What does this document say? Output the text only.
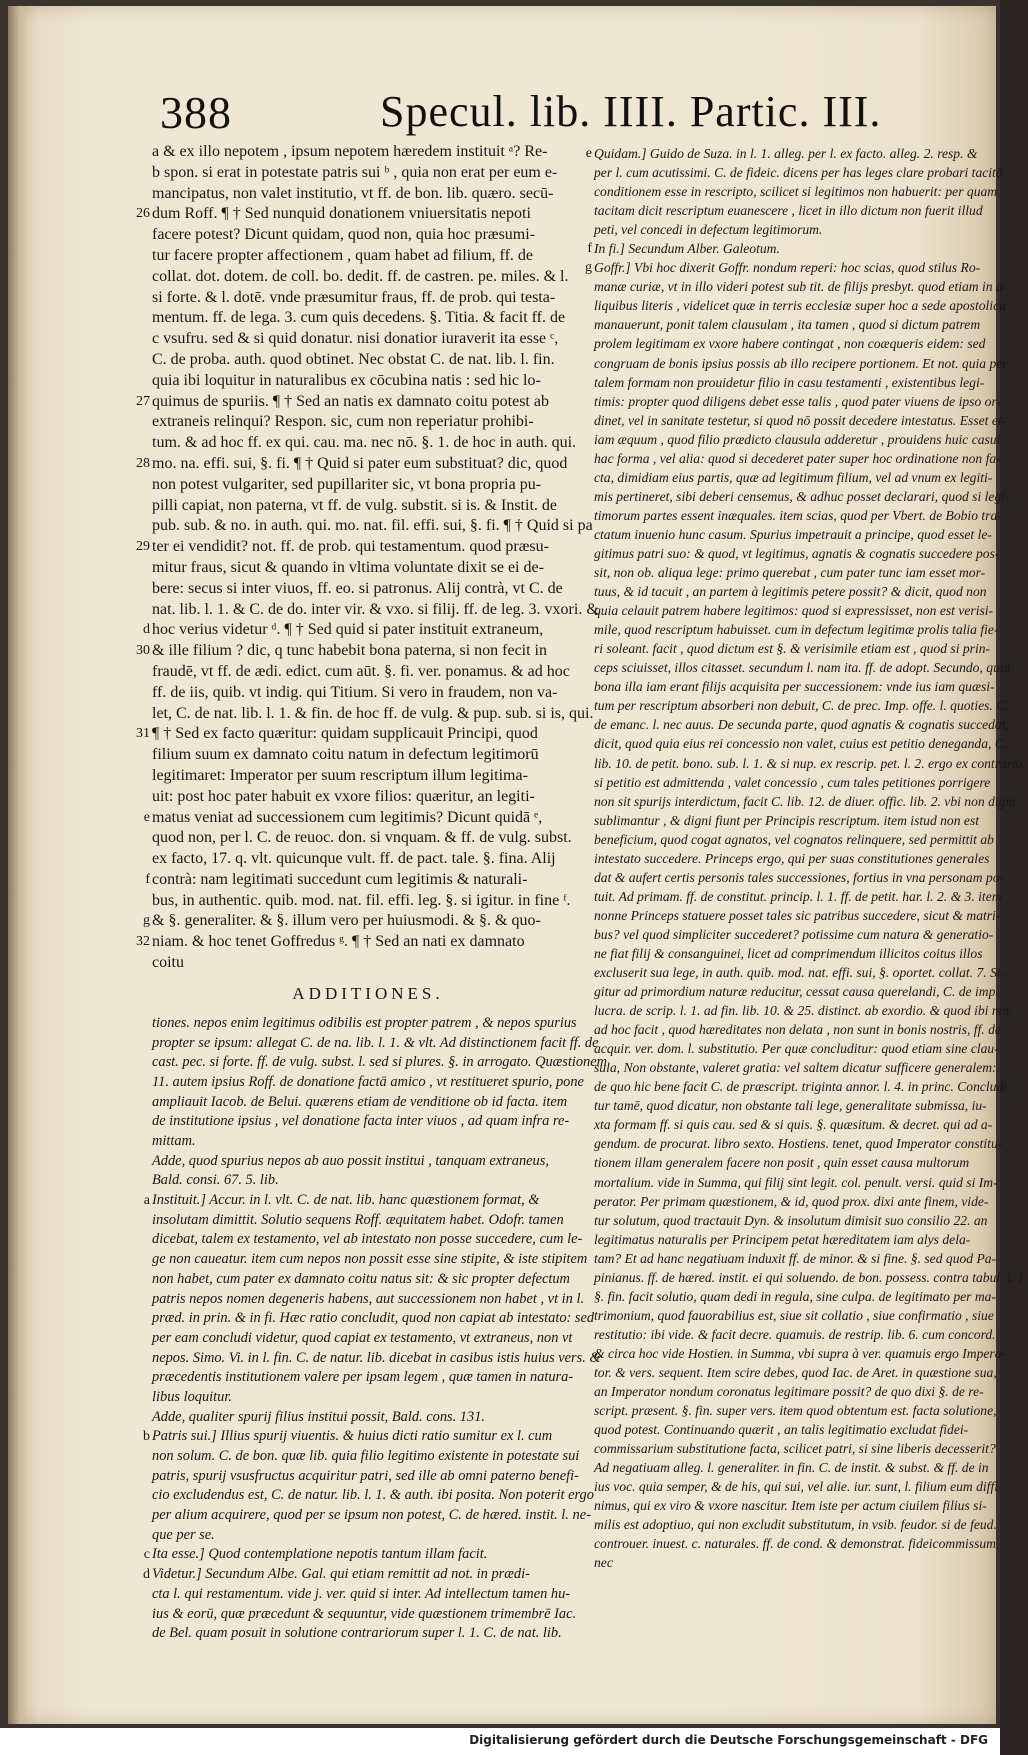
388	Specul. lib. IIII. Partic. III.
a & ex illo nepotem , ipsum nepotem hæredem instituit ᵃ? Re-
b spon. si erat in potestate patris sui ᵇ , quia non erat per eum e-
mancipatus, non valet institutio, vt ff. de bon. lib. quæro. secū-
26 dum Roff. ¶ † Sed nunquid donationem vniuersitatis nepoti
facere potest? Dicunt quidam, quod non, quia hoc præsumi-
tur facere propter affectionem , quam habet ad filium, ff. de
collat. dot. dotem. de coll. bo. dedit. ff. de castren. pe. miles. & l.
si forte. & l. dotē. vnde præsumitur fraus, ff. de prob. qui testa-
mentum. ff. de lega. 3. cum quis decedens. §. Titia. & facit ff. de
c vsufru. sed & si quid donatur. nisi donatior iuraverit ita esse ᶜ,
C. de proba. auth. quod obtinet. Nec obstat C. de nat. lib. l. fin.
quia ibi loquitur in naturalibus ex cōcubina natis : sed hic lo-
27 quimus de spuriis. ¶ † Sed an natis ex damnato coitu potest ab
extraneis relinqui? Respon. sic, cum non reperiatur prohibi-
tum. & ad hoc ff. ex qui. cau. ma. nec nō. §. 1. de hoc in auth. qui.
28 mo. na. effi. sui, §. fi. ¶ † Quid si pater eum substituat? dic, quod
non potest vulgariter, sed pupillariter sic, vt bona propria pu-
pilli capiat, non paterna, vt ff. de vulg. substit. si is. & Instit. de
pub. sub. & no. in auth. qui. mo. nat. fil. effi. sui, §. fi. ¶ † Quid si pa
29 ter ei vendidit? not. ff. de prob. qui testamentum. quod præsu-
mitur fraus, sicut & quando in vltima voluntate dixit se ei de-
bere: secus si inter viuos, ff. eo. si patronus. Alij contrà, vt C. de
nat. lib. l. 1. & C. de do. inter vir. & vxo. si filij. ff. de leg. 3. vxori. &
d hoc verius videtur ᵈ. ¶ † Sed quid si pater instituit extraneum,
30 & ille filium ? dic, q tunc habebit bona paterna, si non fecit in
fraudē, vt ff. de ædi. edict. cum aūt. §. fi. ver. ponamus. & ad hoc
ff. de iis, quib. vt indig. qui Titium. Si vero in fraudem, non va-
let, C. de nat. lib. l. 1. & fin. de hoc ff. de vulg. & pup. sub. si is, qui.
31 ¶ † Sed ex facto quæritur: quidam supplicauit Principi, quod
filium suum ex damnato coitu natum in defectum legitimorū
legitimaret: Imperator per suum rescriptum illum legitima-
uit: post hoc pater habuit ex vxore filios: quæritur, an legiti-
e matus veniat ad successionem cum legitimis? Dicunt quidā ᵉ,
quod non, per l. C. de reuoc. don. si vnquam. & ff. de vulg. subst.
ex facto, 17. q. vlt. quicunque vult. ff. de pact. tale. §. fina. Alij
f contrà: nam legitimati succedunt cum legitimis & naturali-
bus, in authentic. quib. mod. nat. fil. effi. leg. §. si igitur. in fine ᶠ.
g & §. generaliter. & §. illum vero per huiusmodi. & §. & quo-
32 niam. & hoc tenet Goffredus ᵍ. ¶ † Sed an nati ex damnato
coitu
ADDITIONES.
tiones. nepos enim legitimus odibilis est propter patrem , & nepos spurius
propter se ipsum: allegat C. de na. lib. l. 1. & vlt. Ad distinctionem facit ff. de
cast. pec. si forte. ff. de vulg. subst. l. sed si plures. §. in arrogato. Quæstionem
11. autem ipsius Roff. de donatione factā amico , vt restitueret spurio, pone
ampliauit Iacob. de Belui. quærens etiam de venditione ob id facta. item
de institutione ipsius , vel donatione facta inter viuos , ad quam infra re-
mittam.
Adde, quod spurius nepos ab auo possit institui , tanquam extraneus,
Bald. consi. 67. 5. lib.
a Instituit.] Accur. in l. vlt. C. de nat. lib. hanc quæstionem format, &
insolutam dimittit. Solutio sequens Roff. æquitatem habet. Odofr. tamen
dicebat, talem ex testamento, vel ab intestato non posse succedere, cum le-
ge non caueatur. item cum nepos non possit esse sine stipite, & iste stipitem
non habet, cum pater ex damnato coitu natus sit: & sic propter defectum
patris nepos nomen degeneris habens, aut successionem non habet , vt in l.
præd. in prin. & in fi. Hæc ratio concludit, quod non capiat ab intestato: sed
per eam concludi videtur, quod capiat ex testamento, vt extraneus, non vt
nepos. Simo. Vi. in l. fin. C. de natur. lib. dicebat in casibus istis huius vers. &
præcedentis institutionem valere per ipsam legem , quæ tamen in natura-
libus loquitur.
Adde, qualiter spurij filius institui possit, Bald. cons. 131.
b Patris sui.] Illius spurij viuentis. & huius dicti ratio sumitur ex l. cum
non solum. C. de bon. quæ lib. quia filio legitimo existente in potestate sui
patris, spurij vsusfructus acquiritur patri, sed ille ab omni paterno benefi-
cio excludendus est, C. de natur. lib. l. 1. & auth. ibi posita. Non poterit ergo
per alium acquirere, quod per se ipsum non potest, C. de hæred. instit. l. ne-
que per se.
c Ita esse.] Quod contemplatione nepotis tantum illam facit.
d Videtur.] Secundum Albe. Gal. qui etiam remittit ad not. in prædi-
cta l. qui restamentum. vide j. ver. quid si inter. Ad intellectum tamen hu-
ius & eorū, quæ præcedunt & sequuntur, vide quæstionem trimembrē Iac.
de Bel. quam posuit in solutione contrariorum super l. 1. C. de nat. lib.
e Quidam.] Guido de Suza. in l. 1. alleg. per l. ex facto. alleg. 2. resp. &
per l. cum acutissimi. C. de fideic. dicens per has leges clare probari tacitā
conditionem esse in rescripto, scilicet si legitimos non habuerit: per quam
tacitam dicit rescriptum euanescere , licet in illo dictum non fuerit illud
peti, vel concedi in defectum legitimorum.
f In fi.] Secundum Alber. Galeotum.
g Goffr.] Vbi hoc dixerit Goffr. nondum reperi: hoc scias, quod stilus Ro-
manæ curiæ, vt in illo videri potest sub tit. de filijs presbyt. quod etiam in a-
liquibus literis , videlicet quæ in terris ecclesiæ super hoc a sede apostolica
manauerunt, ponit talem clausulam , ita tamen , quod si dictum patrem
prolem legitimam ex vxore habere contingat , non coæqueris eidem: sed
congruam de bonis ipsius possis ab illo recipere portionem. Et not. quia per
talem formam non prouidetur filio in casu testamenti , existentibus legi-
timis: propter quod diligens debet esse talis , quod pater viuens de ipso or-
dinet, vel in sanitate testetur, si quod nō possit decedere intestatus. Esset et-
iam æquum , quod filio prædicto clausula adderetur , prouidens huic casui
hac forma , vel alia: quod si decederet pater super hoc ordinatione non fa-
cta, dimidiam eius partis, quæ ad legitimum filium, vel ad vnum ex legiti-
mis pertineret, sibi deberi censemus, & adhuc posset declarari, quod si legi-
timorum partes essent inæquales. item scias, quod per Vbert. de Bobio tra-
ctatum inuenio hunc casum. Spurius impetrauit a principe, quod esset le-
gitimus patri suo: & quod, vt legitimus, agnatis & cognatis succedere pos-
sit, non ob. aliqua lege: primo querebat , cum pater tunc iam esset mor-
tuus, & id tacuit , an partem à legitimis petere possit? & dicit, quod non
quia celauit patrem habere legitimos: quod si expressisset, non est verisi-
mile, quod rescriptum habuisset. cum in defectum legitimæ prolis talia fie-
ri soleant. facit , quod dictum est §. & verisimile etiam est , quod si prin-
ceps sciuisset, illos citasset. secundum l. nam ita. ff. de adopt. Secundo, quia
bona illa iam erant filijs acquisita per successionem: vnde ius iam quæsi-
tum per rescriptum absorberi non debuit, C. de prec. Imp. offe. l. quoties. C.
de emanc. l. nec auus. De secunda parte, quod agnatis & cognatis succedat,
dicit, quod quia eius rei concessio non valet, cuius est petitio deneganda, C.
lib. 10. de petit. bono. sub. l. 1. & si nup. ex rescrip. pet. l. 2. ergo ex contrario,
si petitio est admittenda , valet concessio , cum tales petitiones porrigere
non sit spurijs interdictum, facit C. lib. 12. de diuer. offic. lib. 2. vbi non digni
sublimantur , & digni fiunt per Principis rescriptum. item istud non est
beneficium, quod cogat agnatos, vel cognatos relinquere, sed permittit ab
intestato succedere. Princeps ergo, qui per suas constitutiones generales
dat & aufert certis personis tales successiones, fortius in vna personam po-
tuit. Ad primam. ff. de constitut. princip. l. 1. ff. de petit. har. l. 2. & 3. item
nonne Princeps statuere posset tales sic patribus succedere, sicut & matri-
bus? vel quod simpliciter succederet? potissime cum natura & generatio-
ne fiat filij & consanguinei, licet ad comprimendum illicitos coitus illos
excluserit sua lege, in auth. quib. mod. nat. effi. sui, §. oportet. collat. 7. Si-
gitur ad primordium naturæ reducitur, cessat causa querelandi, C. de imp.
lucra. de scrip. l. 1. ad fin. lib. 10. & 25. distinct. ab exordio. & quod ibi not.
ad hoc facit , quod hæreditates non delata , non sunt in bonis nostris, ff. de
acquir. ver. dom. l. substitutio. Per quæ concluditur: quod etiam sine clau-
sula, Non obstante, valeret gratia: vel saltem dicatur sufficere generalem:
de quo hic bene facit C. de præscript. triginta annor. l. 4. in princ. Concludi-
tur tamē, quod dicatur, non obstante tali lege, generalitate submissa, iu-
xta formam ff. si quis cau. sed & si quis. §. quæsitum. & decret. qui ad a-
gendum. de procurat. libro sexto. Hostiens. tenet, quod Imperator constitu-
tionem illam generalem facere non posit , quin esset causa multorum
mortalium. vide in Summa, qui filij sint legit. col. penult. versi. quid si Im-
perator. Per primam quæstionem, & id, quod prox. dixi ante finem, vide-
tur solutum, quod tractauit Dyn. & insolutum dimisit suo consilio 22. an
legitimatus naturalis per Principem petat hæreditatem iam alys dela-
tam? Et ad hanc negatiuam induxit ff. de minor. & si fine. §. sed quod Pa-
pinianus. ff. de hæred. instit. ei qui soluendo. de bon. possess. contra tabul. l. 1.
§. fin. facit solutio, quam dedi in regula, sine culpa. de legitimato per ma-
trimonium, quod fauorabilius est, siue sit collatio , siue confirmatio , siue
restitutio: ibi vide. & facit decre. quamuis. de restrip. lib. 6. cum concord.
& circa hoc vide Hostien. in Summa, vbi supra à ver. quamuis ergo Impera-
tor. & vers. sequent. Item scire debes, quod Iac. de Aret. in quæstione sua,
an Imperator nondum coronatus legitimare possit? de quo dixi §. de re-
script. præsent. §. fin. super vers. item quod obtentum est. facta solutione,
quod potest. Continuando quærit , an talis legitimatio excludat fidei-
commissarium substitutione facta, scilicet patri, si sine liberis decesserit?
Ad negatiuam alleg. l. generaliter. in fin. C. de instit. & subst. & ff. de in
ius voc. quia semper, & de his, qui sui, vel alie. iur. sunt, l. filium eum diffi-
nimus, qui ex viro & vxore nascitur. Item iste per actum ciuilem filius si-
milis est adoptiuo, qui non excludit substitutum, in vsib. feudor. si de feud.
controuer. inuest. c. naturales. ff. de cond. & demonstrat. fideicommissum.
nec
Digitalisierung gefördert durch die Deutsche Forschungsgemeinschaft - DFG
